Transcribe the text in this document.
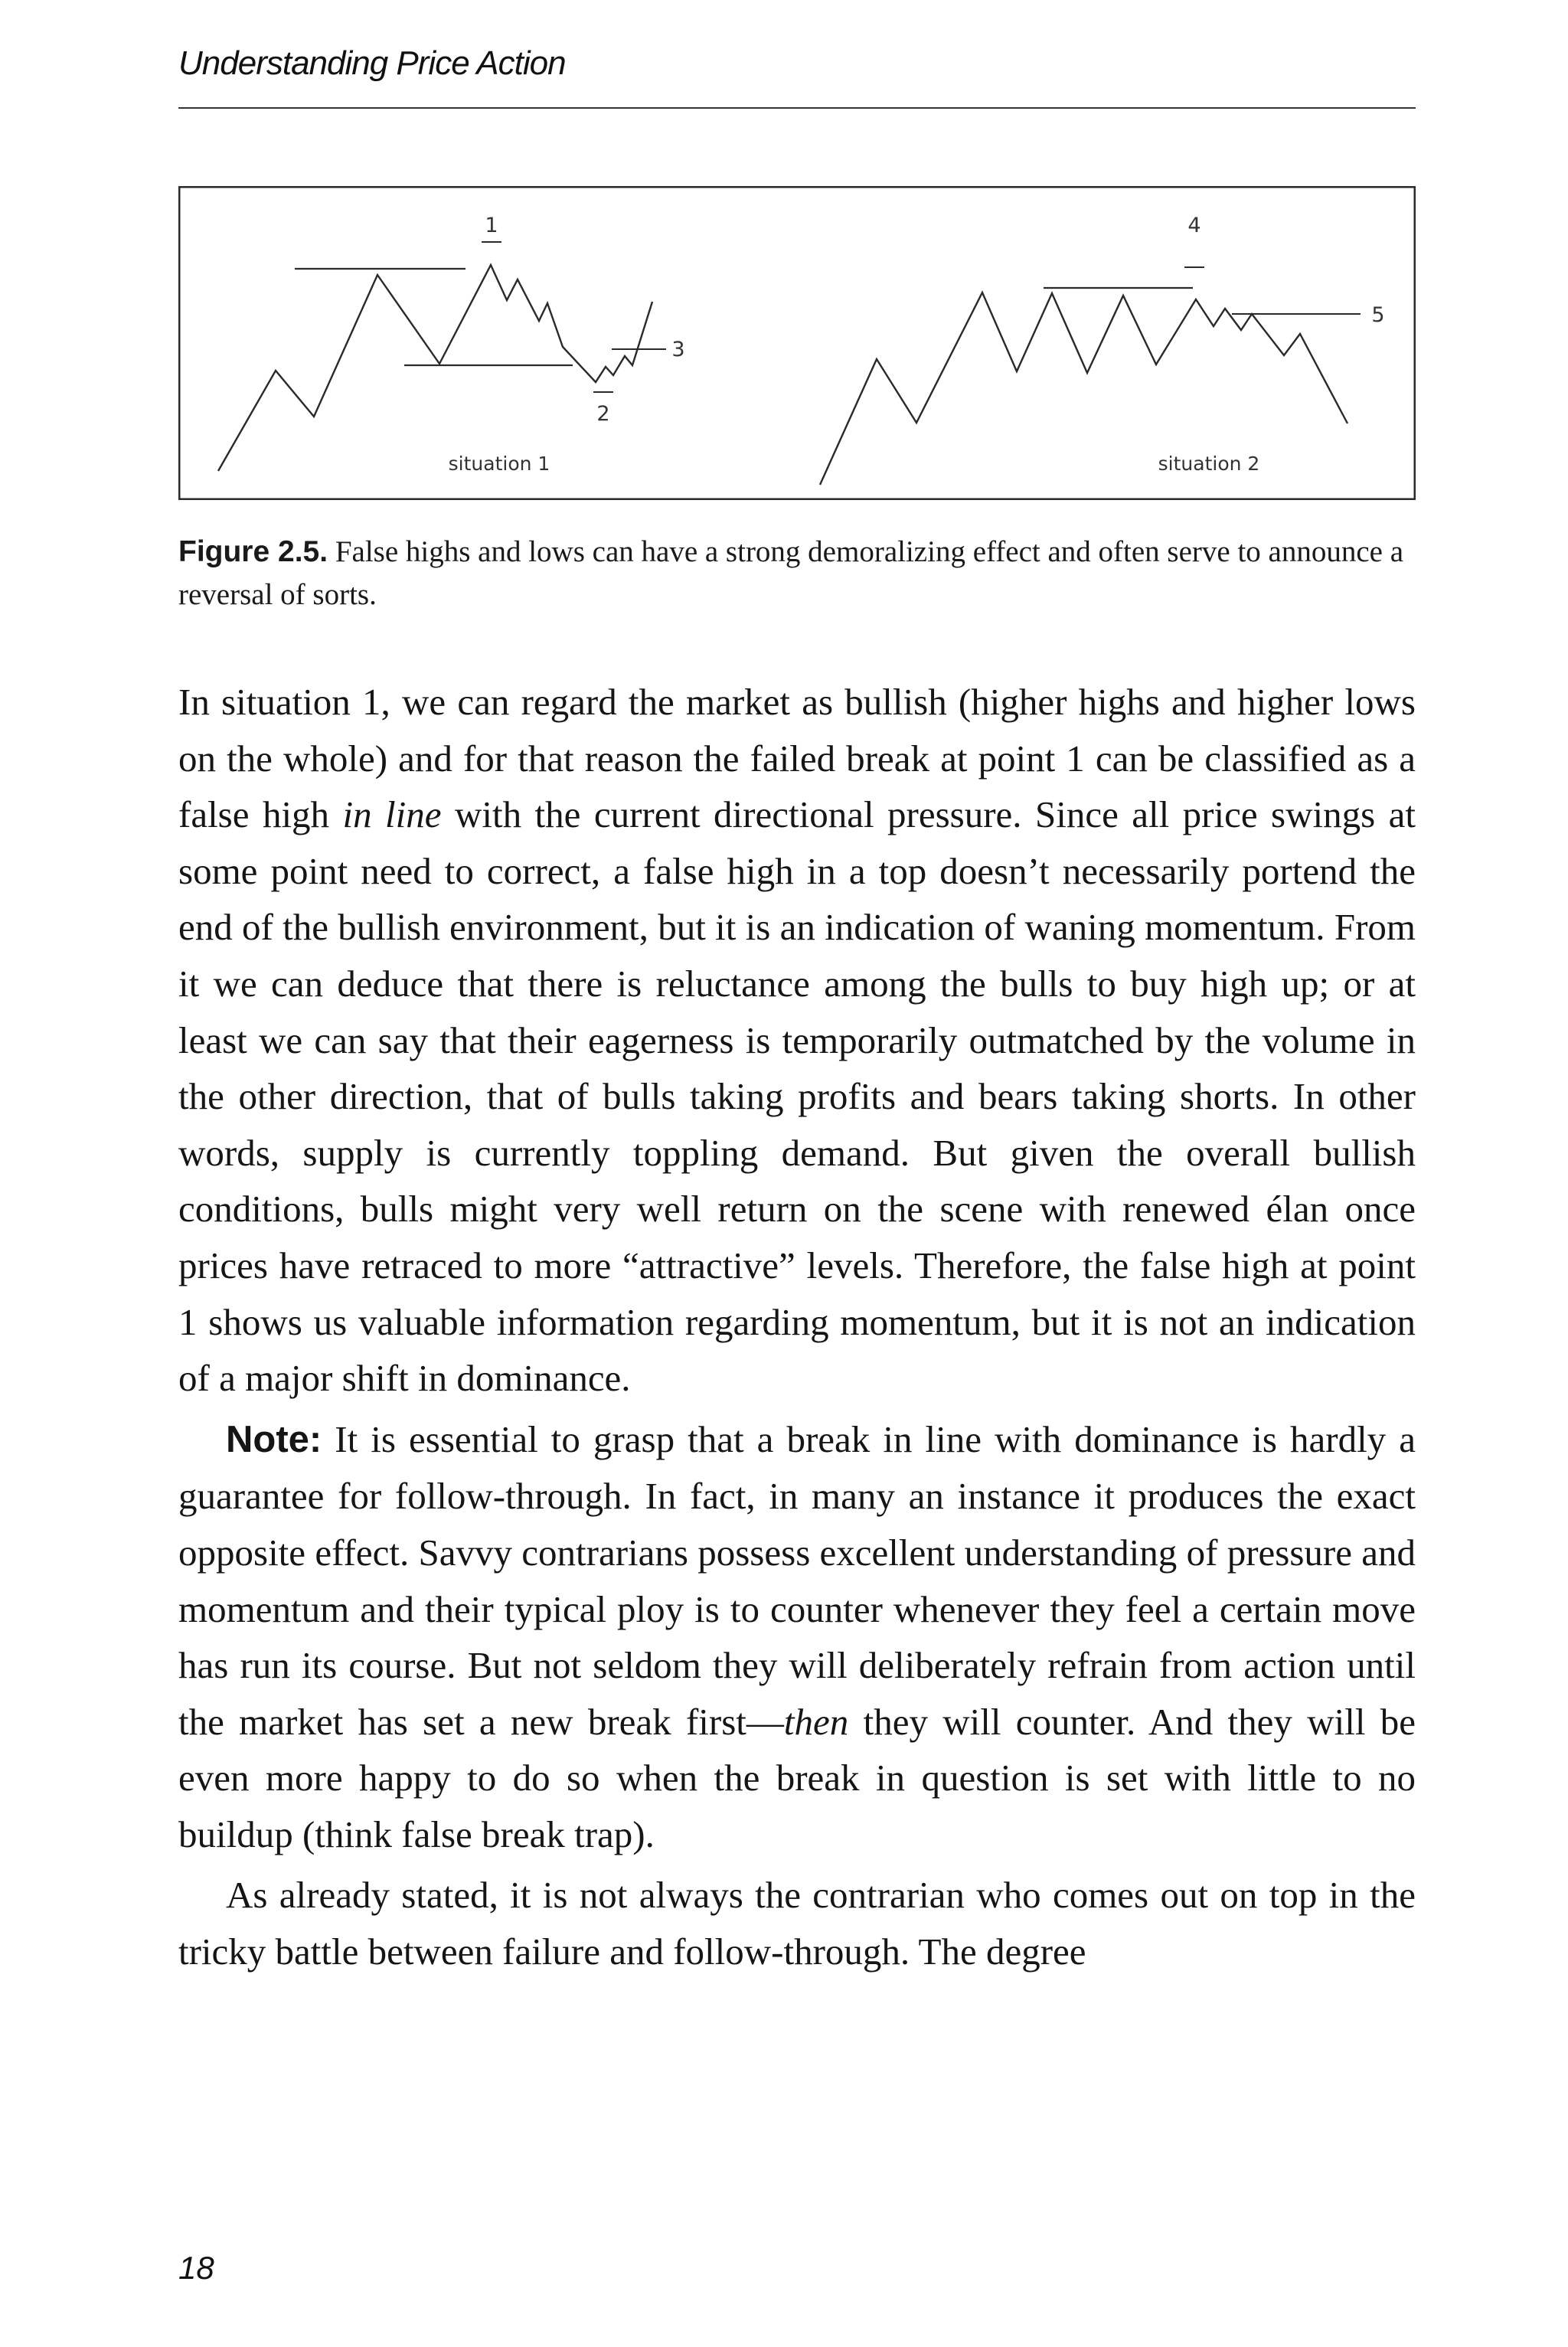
Understanding Price Action
1
2
3
situation 1
4
5
situation 2
Figure 2.5. False highs and lows can have a strong demoralizing effect and often serve to announce a reversal of sorts.

In situation 1, we can regard the market as bullish (higher highs and higher lows on the whole) and for that reason the failed break at point 1 can be classified as a false high in line with the current directional pressure. Since all price swings at some point need to correct, a false high in a top doesn’t necessarily portend the end of the bullish environment, but it is an indication of waning momentum. From it we can deduce that there is reluctance among the bulls to buy high up; or at least we can say that their eagerness is temporarily outmatched by the volume in the other direction, that of bulls taking profits and bears taking shorts. In other words, supply is currently toppling demand. But given the overall bullish conditions, bulls might very well return on the scene with renewed élan once prices have retraced to more “attractive” levels. Therefore, the false high at point 1 shows us valuable information regarding momentum, but it is not an indication of a major shift in dominance.

Note: It is essential to grasp that a break in line with dominance is hardly a guarantee for follow-through. In fact, in many an instance it produces the exact opposite effect. Savvy contrarians possess excellent understanding of pressure and momentum and their typical ploy is to counter whenever they feel a certain move has run its course. But not seldom they will deliberately refrain from action until the market has set a new break first—then they will counter. And they will be even more happy to do so when the break in question is set with little to no buildup (think false break trap).

As already stated, it is not always the contrarian who comes out on top in the tricky battle between failure and follow-through. The degree

18
